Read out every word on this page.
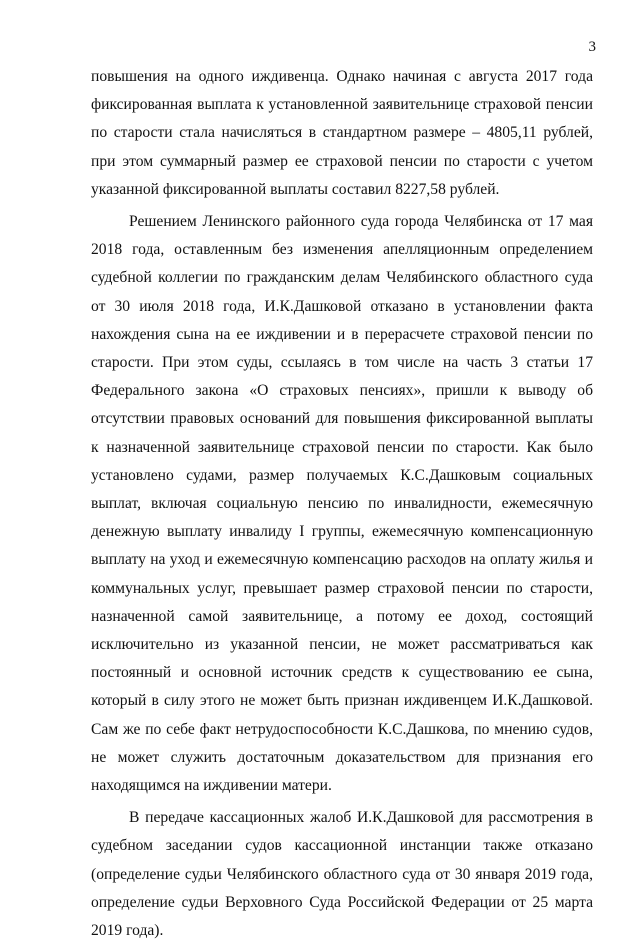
3

повышения на одного иждивенца. Однако начиная с августа 2017 года фиксированная выплата к установленной заявительнице страховой пенсии по старости стала начисляться в стандартном размере – 4805,11 рублей, при этом суммарный размер ее страховой пенсии по старости с учетом указанной фиксированной выплаты составил 8227,58 рублей.

Решением Ленинского районного суда города Челябинска от 17 мая 2018 года, оставленным без изменения апелляционным определением судебной коллегии по гражданским делам Челябинского областного суда от 30 июля 2018 года, И.К.Дашковой отказано в установлении факта нахождения сына на ее иждивении и в перерасчете страховой пенсии по старости. При этом суды, ссылаясь в том числе на часть 3 статьи 17 Федерального закона «О страховых пенсиях», пришли к выводу об отсутствии правовых оснований для повышения фиксированной выплаты к назначенной заявительнице страховой пенсии по старости. Как было установлено судами, размер получаемых К.С.Дашковым социальных выплат, включая социальную пенсию по инвалидности, ежемесячную денежную выплату инвалиду I группы, ежемесячную компенсационную выплату на уход и ежемесячную компенсацию расходов на оплату жилья и коммунальных услуг, превышает размер страховой пенсии по старости, назначенной самой заявительнице, а потому ее доход, состоящий исключительно из указанной пенсии, не может рассматриваться как постоянный и основной источник средств к существованию ее сына, который в силу этого не может быть признан иждивенцем И.К.Дашковой. Сам же по себе факт нетрудоспособности К.С.Дашкова, по мнению судов, не может служить достаточным доказательством для признания его находящимся на иждивении матери.

В передаче кассационных жалоб И.К.Дашковой для рассмотрения в судебном заседании судов кассационной инстанции также отказано (определение судьи Челябинского областного суда от 30 января 2019 года, определение судьи Верховного Суда Российской Федерации от 25 марта 2019 года).
